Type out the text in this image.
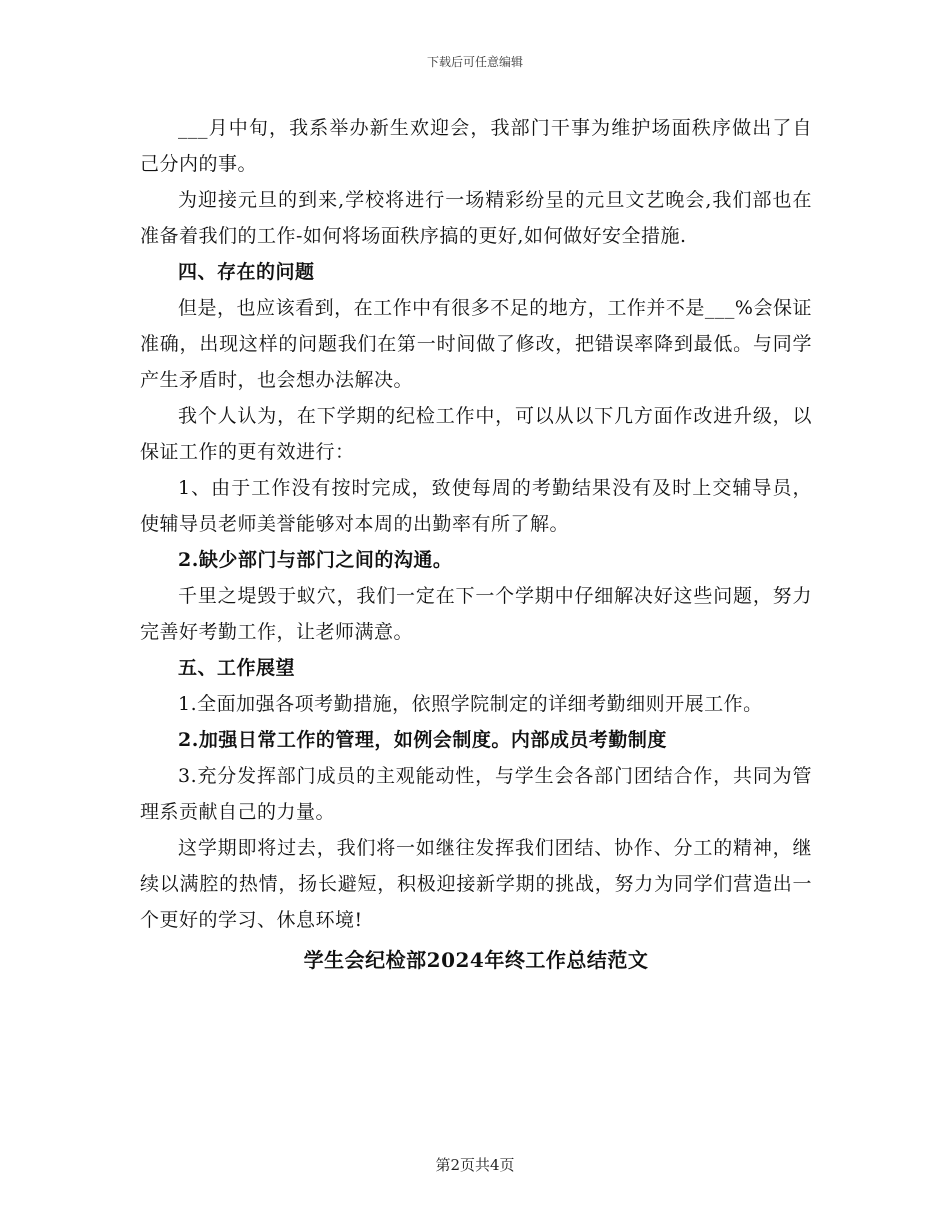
下载后可任意编辑

___月中旬，我系举办新生欢迎会，我部门干事为维护场面秩序做出了自己分内的事。

为迎接元旦的到来,学校将进行一场精彩纷呈的元旦文艺晚会,我们部也在准备着我们的工作-如何将场面秩序搞的更好,如何做好安全措施.

四、存在的问题

但是，也应该看到，在工作中有很多不足的地方，工作并不是___%会保证准确，出现这样的问题我们在第一时间做了修改，把错误率降到最低。与同学产生矛盾时，也会想办法解决。

我个人认为，在下学期的纪检工作中，可以从以下几方面作改进升级，以保证工作的更有效进行：

1、由于工作没有按时完成，致使每周的考勤结果没有及时上交辅导员，使辅导员老师美誉能够对本周的出勤率有所了解。

2.缺少部门与部门之间的沟通。

千里之堤毁于蚁穴，我们一定在下一个学期中仔细解决好这些问题，努力完善好考勤工作，让老师满意。

五、工作展望

1.全面加强各项考勤措施，依照学院制定的详细考勤细则开展工作。

2.加强日常工作的管理，如例会制度。内部成员考勤制度

3.充分发挥部门成员的主观能动性，与学生会各部门团结合作，共同为管理系贡献自己的力量。

这学期即将过去，我们将一如继往发挥我们团结、协作、分工的精神，继续以满腔的热情，扬长避短，积极迎接新学期的挑战，努力为同学们营造出一个更好的学习、休息环境!

学生会纪检部2024年终工作总结范文

第2页共4页
